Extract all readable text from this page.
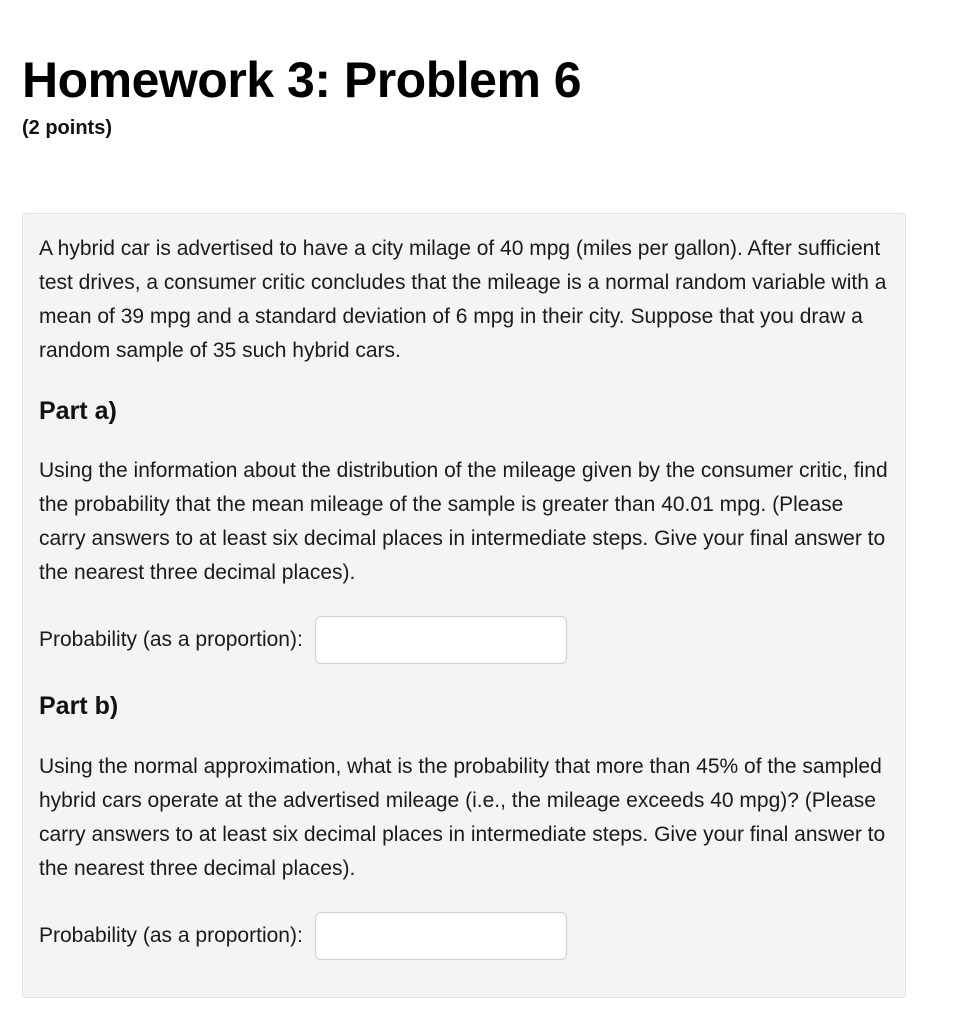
Homework 3: Problem 6
(2 points)

A hybrid car is advertised to have a city milage of 40 mpg (miles per gallon). After sufficient test drives, a consumer critic concludes that the mileage is a normal random variable with a mean of 39 mpg and a standard deviation of 6 mpg in their city. Suppose that you draw a random sample of 35 such hybrid cars.

Part a)

Using the information about the distribution of the mileage given by the consumer critic, find the probability that the mean mileage of the sample is greater than 40.01 mpg. (Please carry answers to at least six decimal places in intermediate steps. Give your final answer to the nearest three decimal places).

Probability (as a proportion):
Part b)

Using the normal approximation, what is the probability that more than 45% of the sampled hybrid cars operate at the advertised mileage (i.e., the mileage exceeds 40 mpg)? (Please carry answers to at least six decimal places in intermediate steps. Give your final answer to the nearest three decimal places).

Probability (as a proportion):
